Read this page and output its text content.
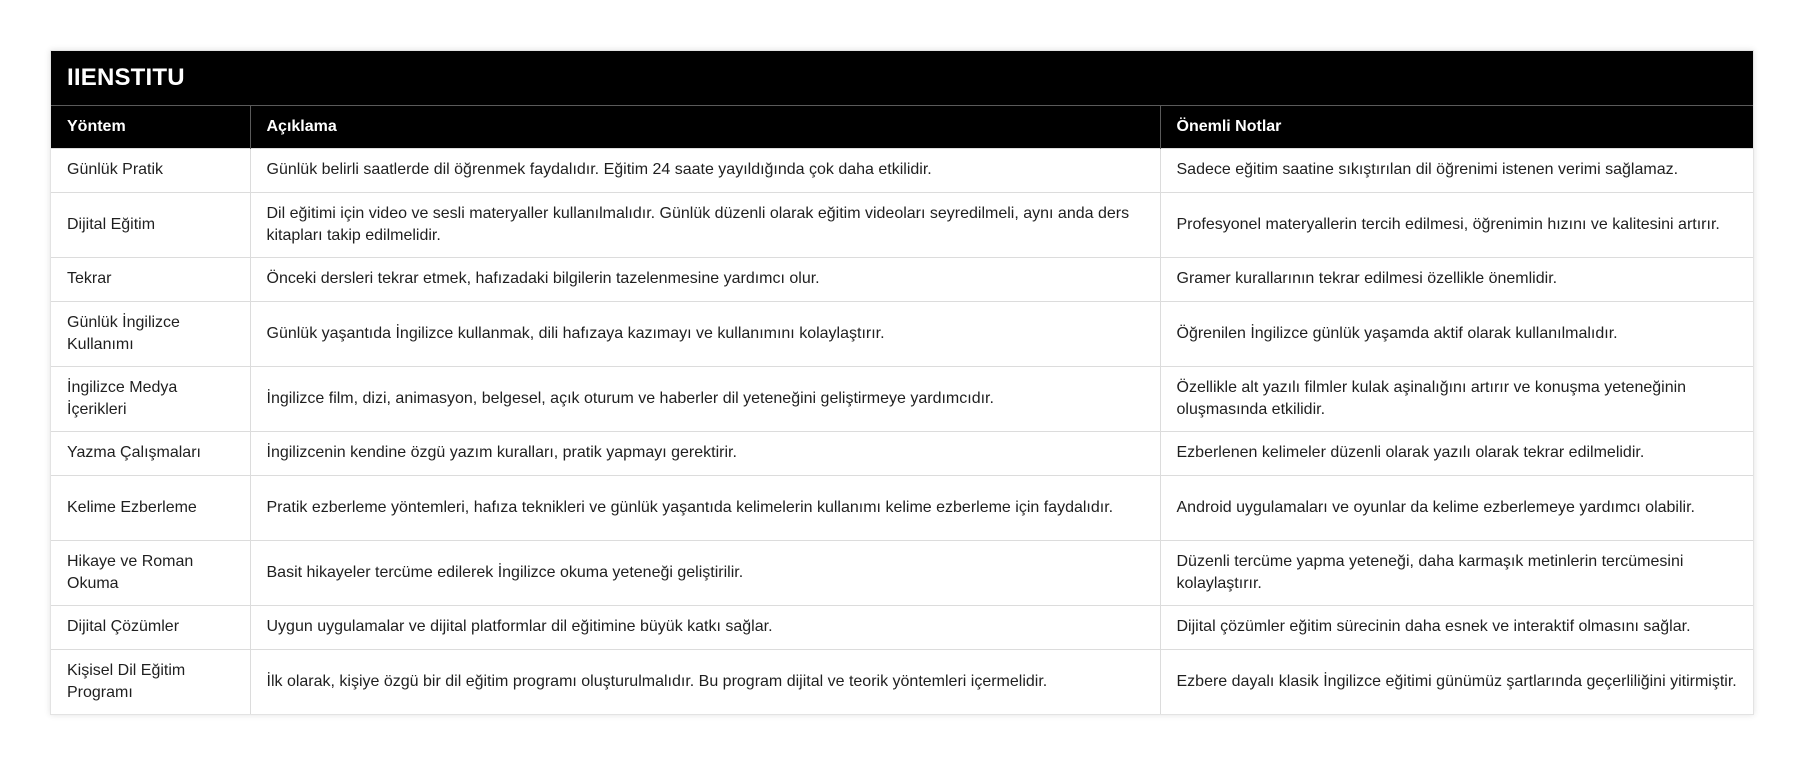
IIENSTITU
Yöntem	Açıklama	Önemli Notlar
Günlük Pratik	Günlük belirli saatlerde dil öğrenmek faydalıdır. Eğitim 24 saate yayıldığında çok daha etkilidir.	Sadece eğitim saatine sıkıştırılan dil öğrenimi istenen verimi sağlamaz.
Dijital Eğitim	Dil eğitimi için video ve sesli materyaller kullanılmalıdır. Günlük düzenli olarak eğitim videoları seyredilmeli, aynı anda ders kitapları takip edilmelidir.	Profesyonel materyallerin tercih edilmesi, öğrenimin hızını ve kalitesini artırır.
Tekrar	Önceki dersleri tekrar etmek, hafızadaki bilgilerin tazelenmesine yardımcı olur.	Gramer kurallarının tekrar edilmesi özellikle önemlidir.
Günlük İngilizce Kullanımı	Günlük yaşantıda İngilizce kullanmak, dili hafızaya kazımayı ve kullanımını kolaylaştırır.	Öğrenilen İngilizce günlük yaşamda aktif olarak kullanılmalıdır.
İngilizce Medya İçerikleri	İngilizce film, dizi, animasyon, belgesel, açık oturum ve haberler dil yeteneğini geliştirmeye yardımcıdır.	Özellikle alt yazılı filmler kulak aşinalığını artırır ve konuşma yeteneğinin oluşmasında etkilidir.
Yazma Çalışmaları	İngilizcenin kendine özgü yazım kuralları, pratik yapmayı gerektirir.	Ezberlenen kelimeler düzenli olarak yazılı olarak tekrar edilmelidir.
Kelime Ezberleme	Pratik ezberleme yöntemleri, hafıza teknikleri ve günlük yaşantıda kelimelerin kullanımı kelime ezberleme için faydalıdır.	Android uygulamaları ve oyunlar da kelime ezberlemeye yardımcı olabilir.
Hikaye ve Roman Okuma	Basit hikayeler tercüme edilerek İngilizce okuma yeteneği geliştirilir.	Düzenli tercüme yapma yeteneği, daha karmaşık metinlerin tercümesini kolaylaştırır.
Dijital Çözümler	Uygun uygulamalar ve dijital platformlar dil eğitimine büyük katkı sağlar.	Dijital çözümler eğitim sürecinin daha esnek ve interaktif olmasını sağlar.
Kişisel Dil Eğitim Programı	İlk olarak, kişiye özgü bir dil eğitim programı oluşturulmalıdır. Bu program dijital ve teorik yöntemleri içermelidir.	Ezbere dayalı klasik İngilizce eğitimi günümüz şartlarında geçerliliğini yitirmiştir.
